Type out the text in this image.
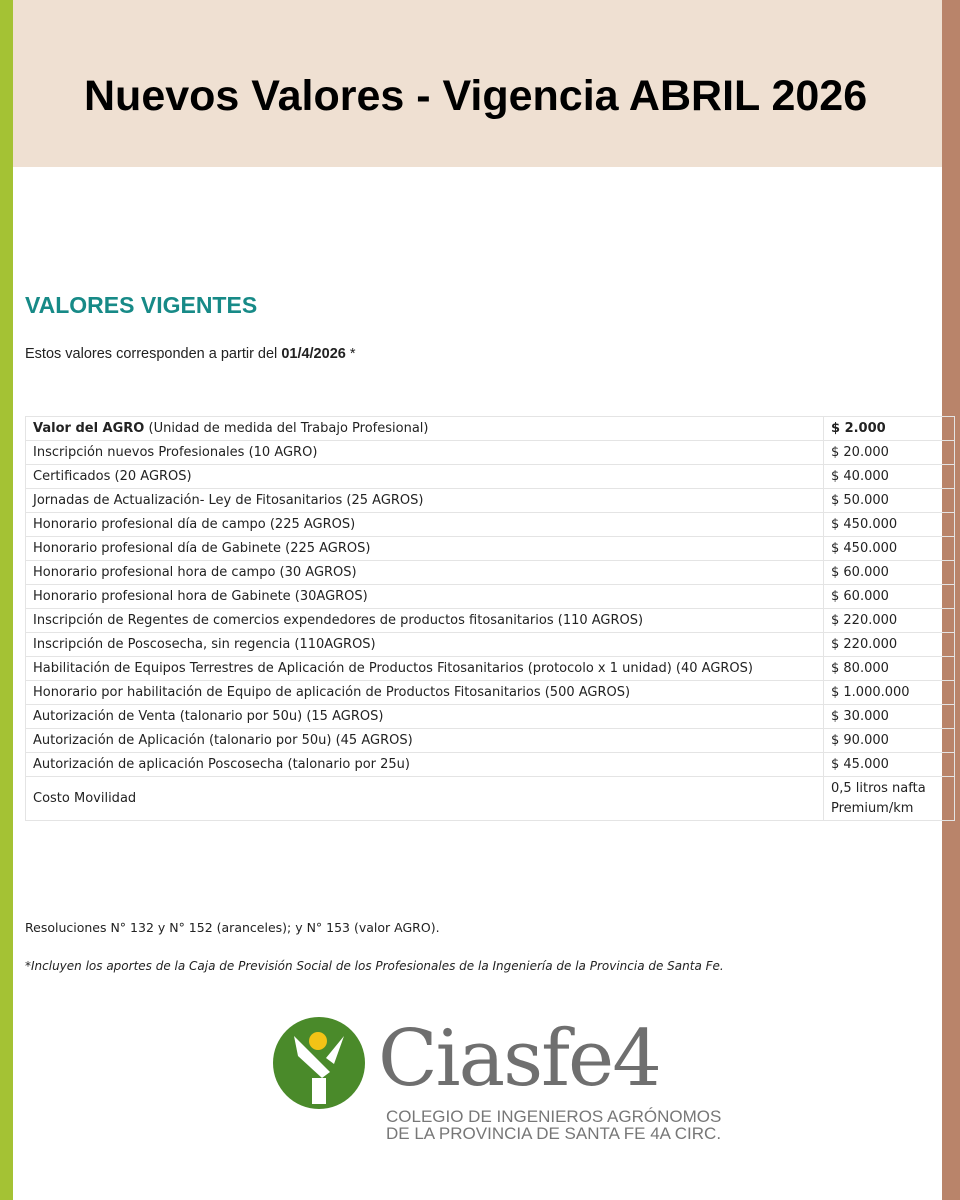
Nuevos Valores - Vigencia ABRIL 2026
VALORES VIGENTES
Estos valores corresponden a partir del 01/4/2026 *
Valor del AGRO (Unidad de medida del Trabajo Profesional)	$ 2.000
Inscripción nuevos Profesionales (10 AGRO)	$ 20.000
Certificados (20 AGROS)	$ 40.000
Jornadas de Actualización- Ley de Fitosanitarios (25 AGROS)	$ 50.000
Honorario profesional día de campo (225 AGROS)	$ 450.000
Honorario profesional día de Gabinete (225 AGROS)	$ 450.000
Honorario profesional hora de campo (30 AGROS)	$ 60.000
Honorario profesional hora de Gabinete (30AGROS)	$ 60.000
Inscripción de Regentes de comercios expendedores de productos fitosanitarios (110 AGROS)	$ 220.000
Inscripción de Poscosecha, sin regencia (110AGROS)	$ 220.000
Habilitación de Equipos Terrestres de Aplicación de Productos Fitosanitarios (protocolo x 1 unidad) (40 AGROS)	$ 80.000
Honorario por habilitación de Equipo de aplicación de Productos Fitosanitarios (500 AGROS)	$ 1.000.000
Autorización de Venta (talonario por 50u) (15 AGROS)	$ 30.000
Autorización de Aplicación (talonario por 50u) (45 AGROS)	$ 90.000
Autorización de aplicación Poscosecha (talonario por 25u)	$ 45.000
Costo Movilidad	0,5 litros nafta
Premium/km
Resoluciones N° 132 y N° 152 (aranceles); y N° 153 (valor AGRO).
*Incluyen los aportes de la Caja de Previsión Social de los Profesionales de la Ingeniería de la Provincia de Santa Fe.
Ciasfe4
COLEGIO DE INGENIEROS AGRÓNOMOS
DE LA PROVINCIA DE SANTA FE 4A CIRC.
